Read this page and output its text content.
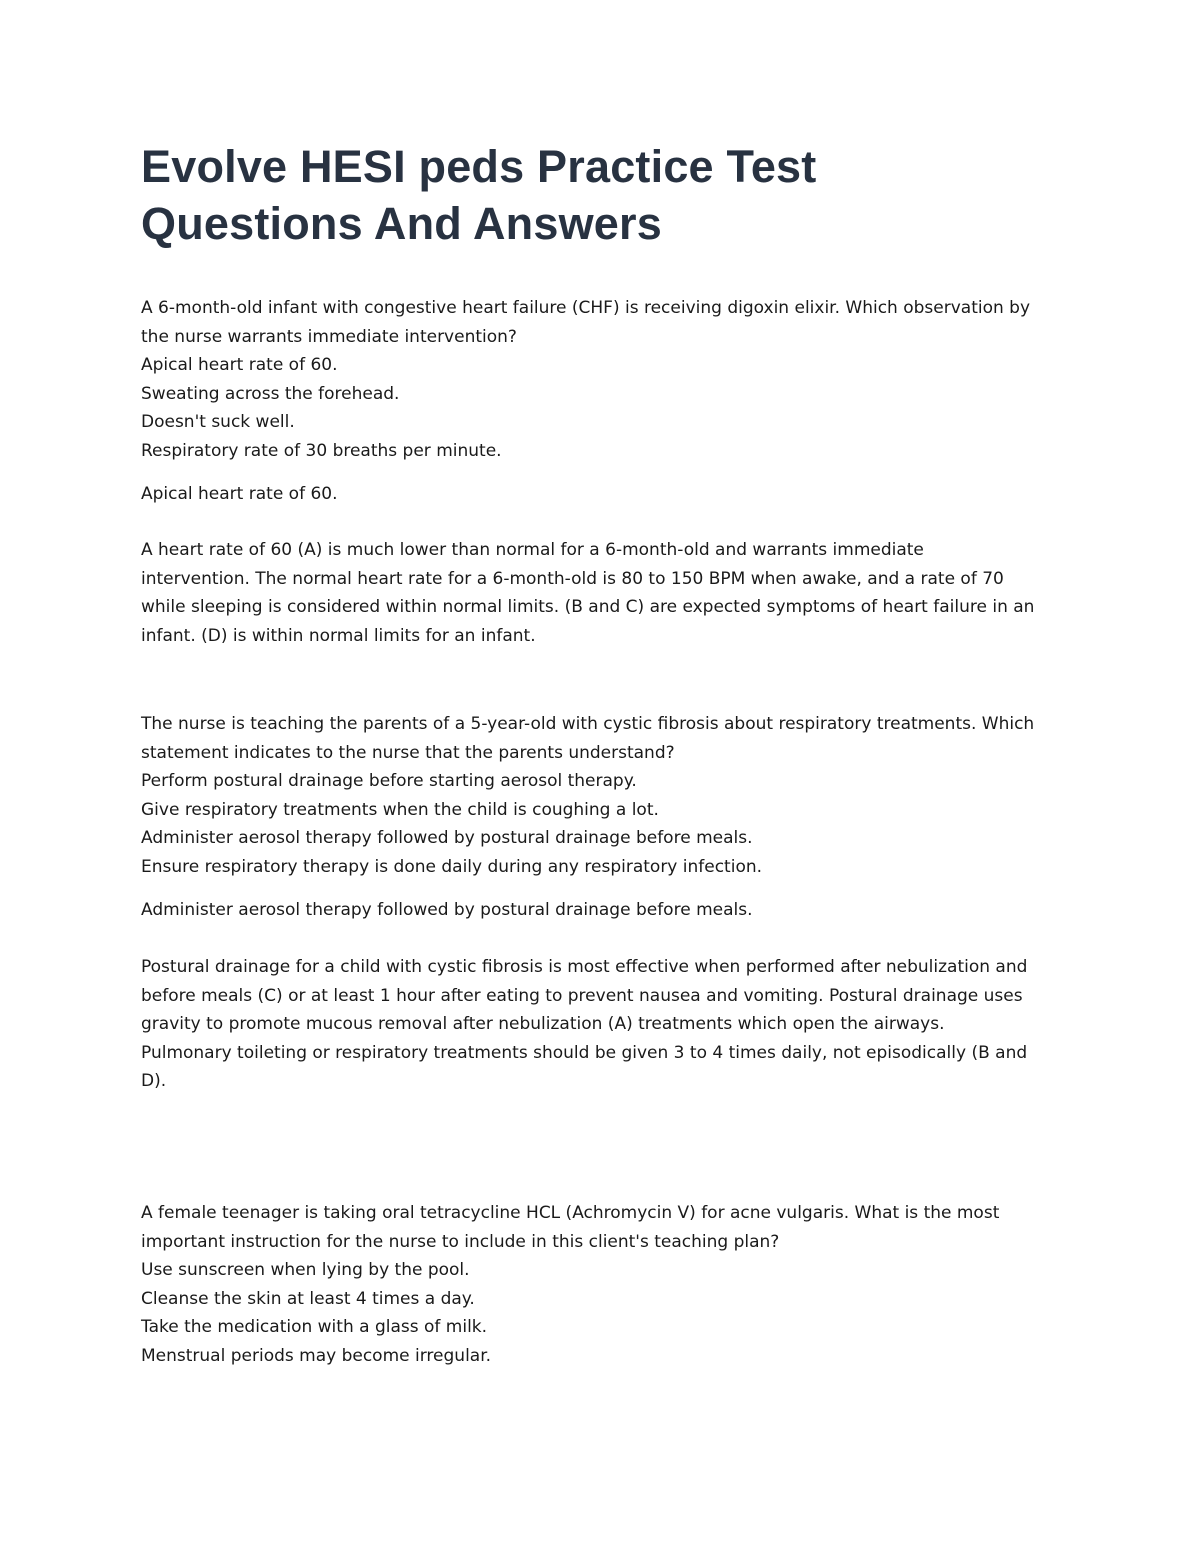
Evolve HESI peds Practice Test
Questions And Answers

A 6-month-old infant with congestive heart failure (CHF) is receiving digoxin elixir. Which observation by
the nurse warrants immediate intervention?

Apical heart rate of 60.
Sweating across the forehead.
Doesn't suck well.
Respiratory rate of 30 breaths per minute.

Apical heart rate of 60.

A heart rate of 60 (A) is much lower than normal for a 6-month-old and warrants immediate
intervention. The normal heart rate for a 6-month-old is 80 to 150 BPM when awake, and a rate of 70
while sleeping is considered within normal limits. (B and C) are expected symptoms of heart failure in an
infant. (D) is within normal limits for an infant.

The nurse is teaching the parents of a 5-year-old with cystic fibrosis about respiratory treatments. Which
statement indicates to the nurse that the parents understand?

Perform postural drainage before starting aerosol therapy.
Give respiratory treatments when the child is coughing a lot.
Administer aerosol therapy followed by postural drainage before meals.
Ensure respiratory therapy is done daily during any respiratory infection.

Administer aerosol therapy followed by postural drainage before meals.

Postural drainage for a child with cystic fibrosis is most effective when performed after nebulization and
before meals (C) or at least 1 hour after eating to prevent nausea and vomiting. Postural drainage uses
gravity to promote mucous removal after nebulization (A) treatments which open the airways.
Pulmonary toileting or respiratory treatments should be given 3 to 4 times daily, not episodically (B and
D).

A female teenager is taking oral tetracycline HCL (Achromycin V) for acne vulgaris. What is the most
important instruction for the nurse to include in this client's teaching plan?

Use sunscreen when lying by the pool.
Cleanse the skin at least 4 times a day.
Take the medication with a glass of milk.
Menstrual periods may become irregular.
